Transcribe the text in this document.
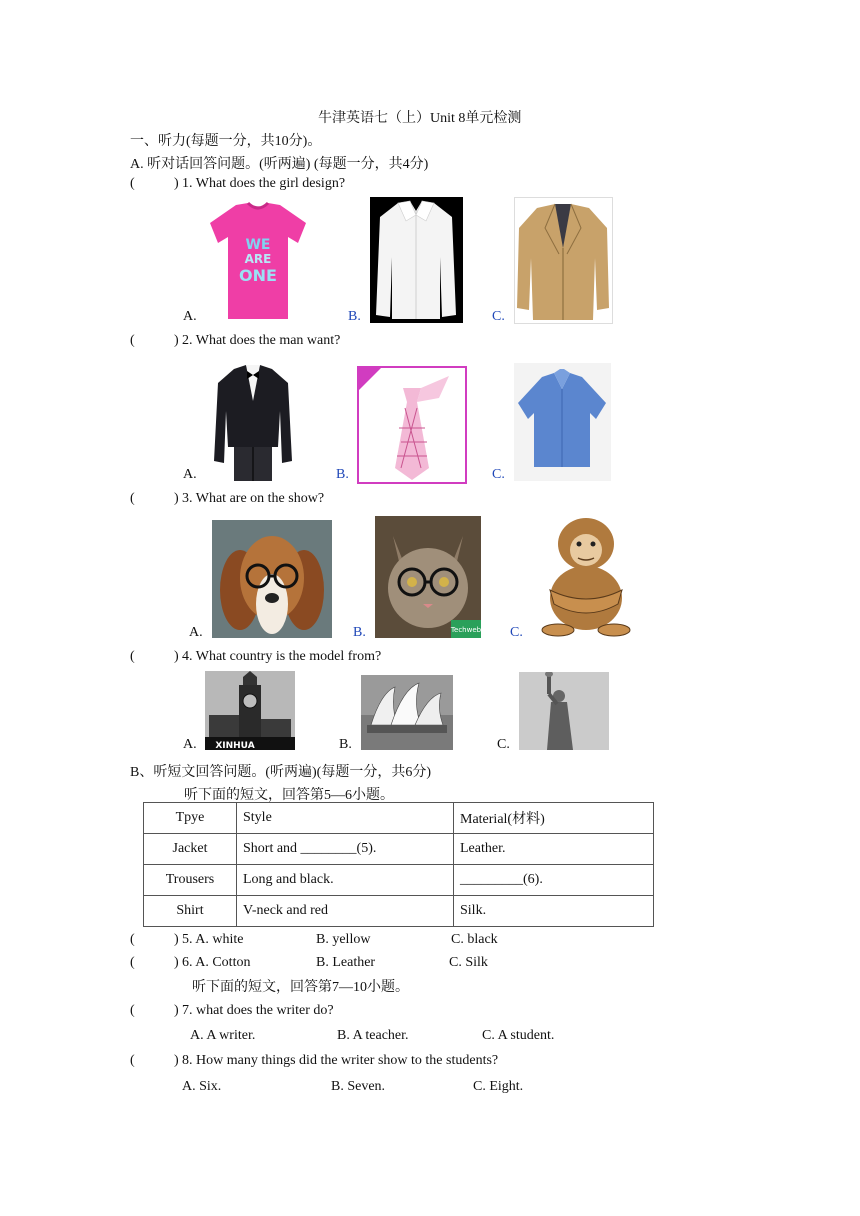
牛津英语七（上）Unit 8单元检测
一、听力(每题一分，共10分)。
A. 听对话回答问题。(听两遍) (每题一分，共4分)
(	) 1. What does the girl design?
WE
ARE
ONE
A.	B.	C.
(	) 2. What does the man want?
A.	B.	C.
(	) 3. What are on the show?
A.	Techweb
B.	C.
(	) 4. What country is the model from?
XINHUA
A.	B.	C.
B、听短文回答问题。(听两遍)(每题一分，共6分)
听下面的短文，回答第5—6小题。
Tpye	Style	Material(材料)
Jacket	Short and ________(5).	Leather.
Trousers	Long and black.	_________(6).
Shirt	V-neck and red	Silk.
(	) 5. A. white	B. yellow	C. black
(	) 6. A. Cotton	B. Leather	C. Silk
听下面的短文，回答第7—10小题。
(	) 7. what does the writer do?
A. A writer.	B. A teacher.	C. A student.
(	) 8. How many things did the writer show to the students?
A. Six.	B. Seven.	C. Eight.
